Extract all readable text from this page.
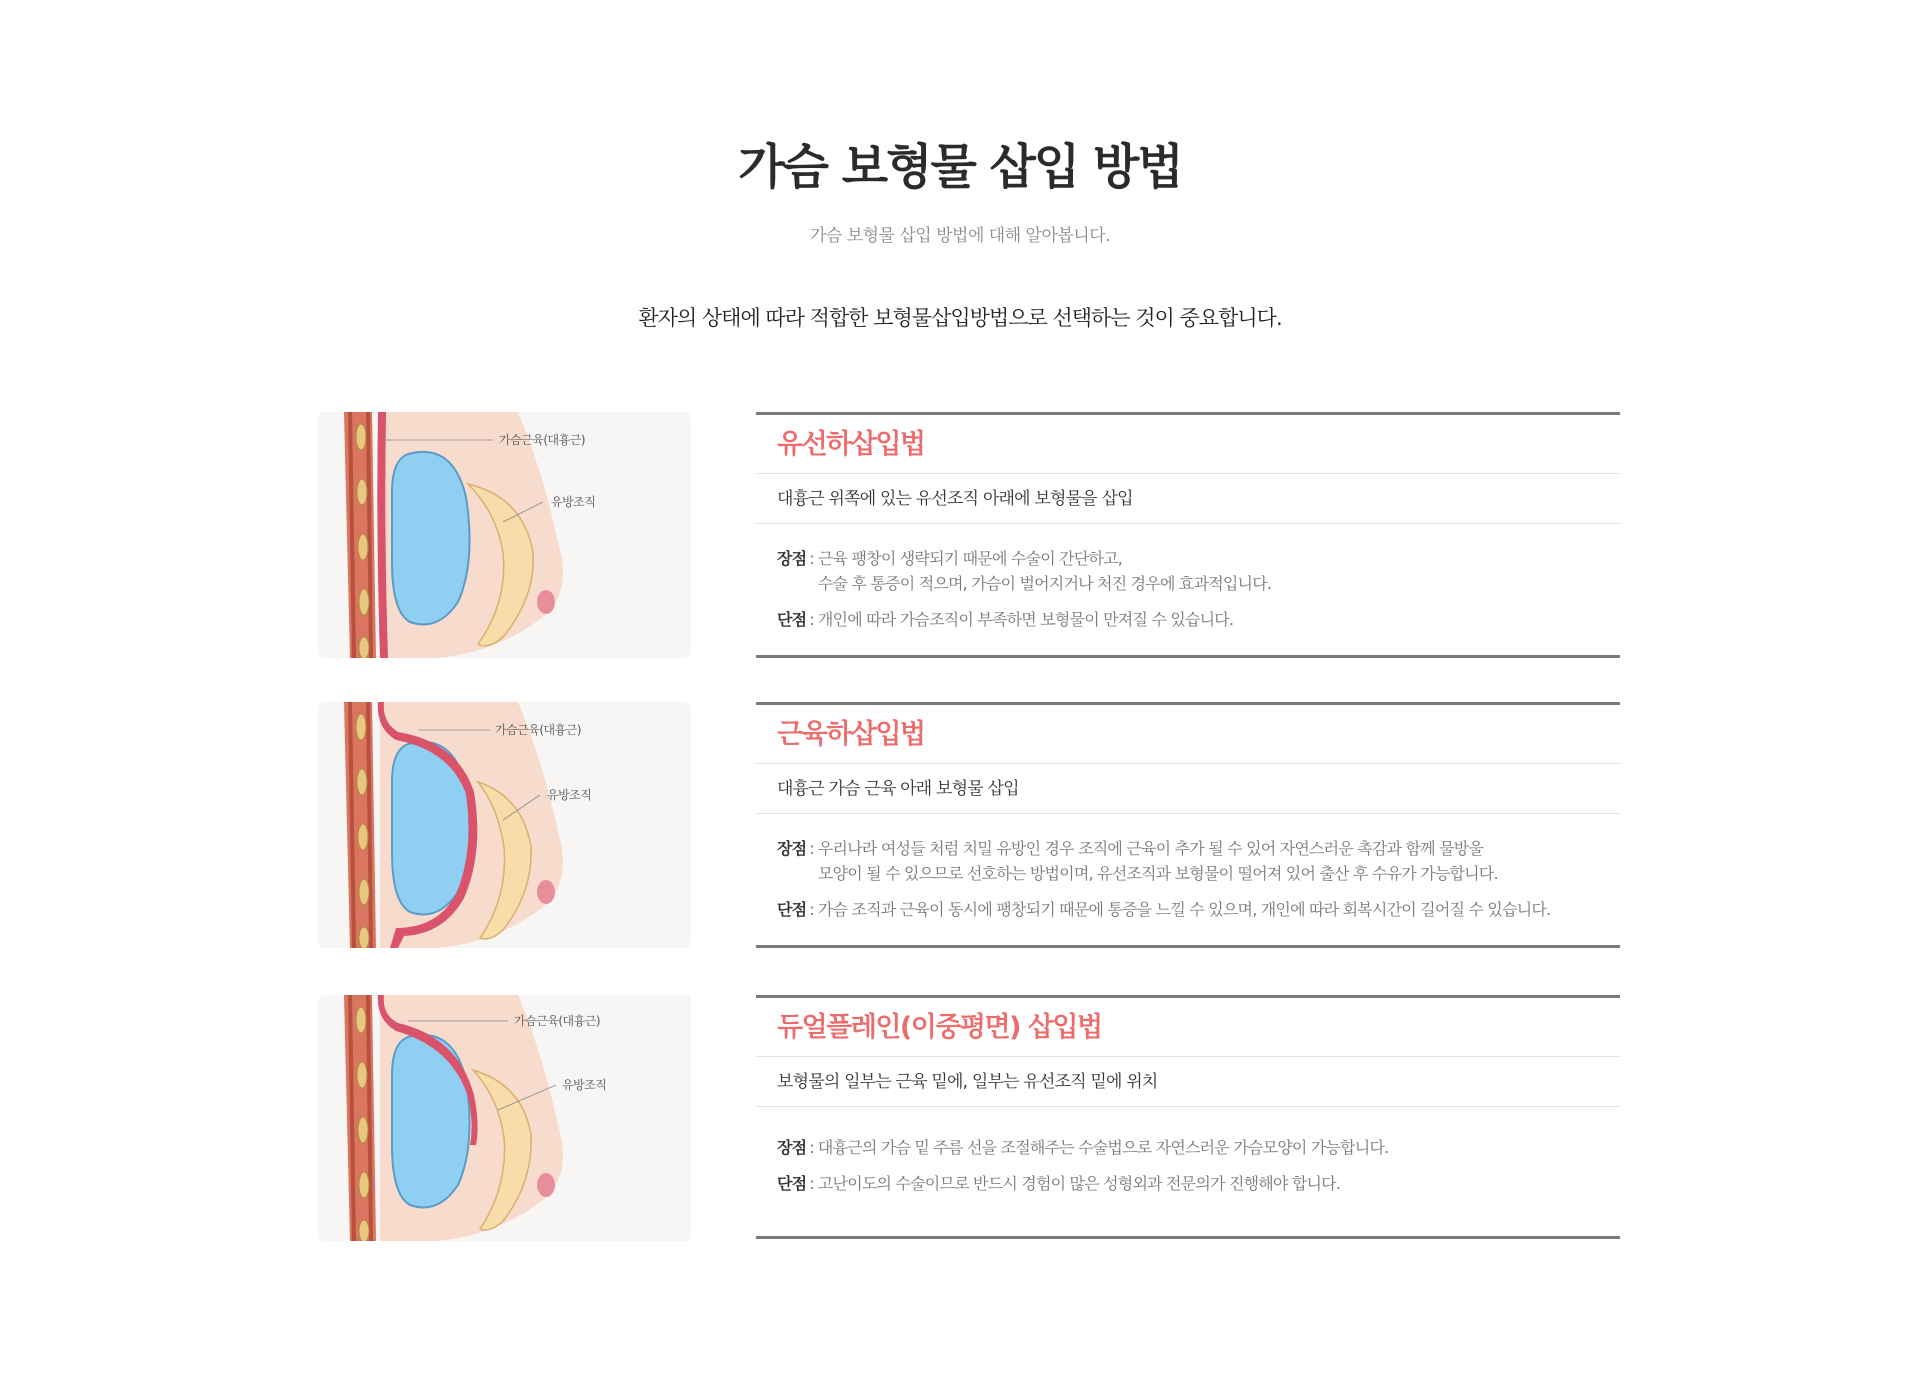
가슴 보형물 삽입 방법

가슴 보형물 삽입 방법에 대해 알아봅니다.

환자의 상태에 따라 적합한 보형물삽입방법으로 선택하는 것이 중요합니다.

가슴근육(대흉근)
유방조직
유선하삽입법

대흉근 위쪽에 있는 유선조직 아래에 보형물을 삽입

장점 : 근육 팽창이 생략되기 때문에 수술이 간단하고,
수술 후 통증이 적으며, 가슴이 벌어지거나 처진 경우에 효과적입니다.
단점 : 개인에 따라 가슴조직이 부족하면 보형물이 만져질 수 있습니다.
가슴근육(대흉근)
유방조직
근육하삽입법

대흉근 가슴 근육 아래 보형물 삽입

장점 : 우리나라 여성들 처럼 치밀 유방인 경우 조직에 근육이 추가 될 수 있어 자연스러운 촉감과 함께 물방울
모양이 될 수 있으므로 선호하는 방법이며, 유선조직과 보형물이 떨어져 있어 출산 후 수유가 가능합니다.
단점 : 가슴 조직과 근육이 동시에 팽창되기 때문에 통증을 느낄 수 있으며, 개인에 따라 회복시간이 길어질 수 있습니다.
가슴근육(대흉근)
유방조직
듀얼플레인(이중평면) 삽입법

보형물의 일부는 근육 밑에, 일부는 유선조직 밑에 위치

장점 : 대흉근의 가슴 밑 주름 선을 조절해주는 수술법으로 자연스러운 가슴모양이 가능합니다.
단점 : 고난이도의 수술이므로 반드시 경험이 많은 성형외과 전문의가 진행해야 합니다.
